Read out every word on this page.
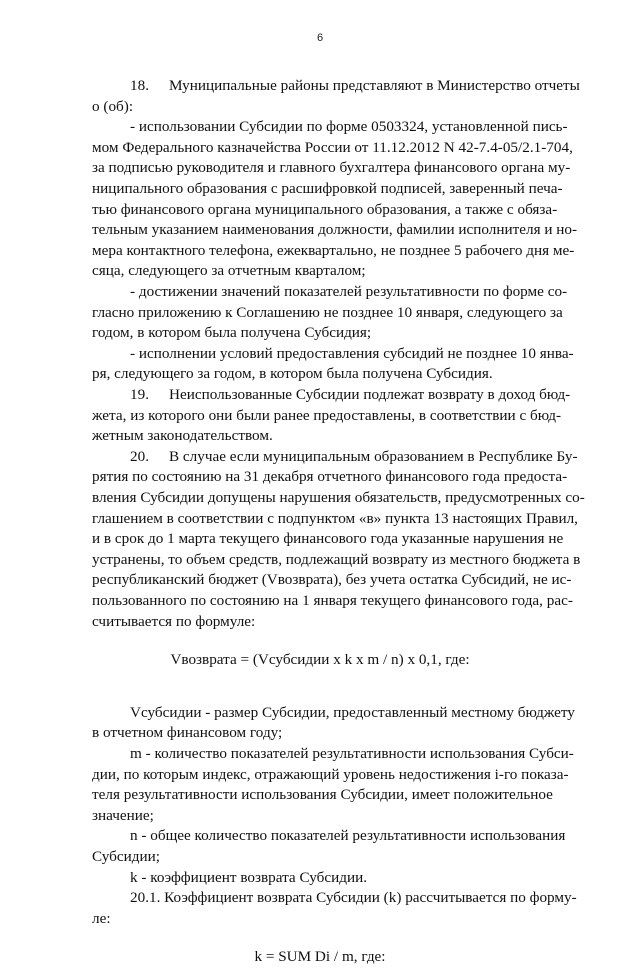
6
18. Муниципальные районы представляют в Министерство отчеты
о (об):
- использовании Субсидии по форме 0503324, установленной пись-
мом Федерального казначейства России от 11.12.2012 N 42-7.4-05/2.1-704,
за подписью руководителя и главного бухгалтера финансового органа му-
ниципального образования с расшифровкой подписей, заверенный печа-
тью финансового органа муниципального образования, а также с обяза-
тельным указанием наименования должности, фамилии исполнителя и но-
мера контактного телефона, ежеквартально, не позднее 5 рабочего дня ме-
сяца, следующего за отчетным кварталом;
- достижении значений показателей результативности по форме со-
гласно приложению к Соглашению не позднее 10 января, следующего за
годом, в котором была получена Субсидия;
- исполнении условий предоставления субсидий не позднее 10 янва-
ря, следующего за годом, в котором была получена Субсидия.
19. Неиспользованные Субсидии подлежат возврату в доход бюд-
жета, из которого они были ранее предоставлены, в соответствии с бюд-
жетным законодательством.
20. В случае если муниципальным образованием в Республике Бу-
рятия по состоянию на 31 декабря отчетного финансового года предоста-
вления Субсидии допущены нарушения обязательств, предусмотренных со-
глашением в соответствии с подпунктом «в» пункта 13 настоящих Правил,
и в срок до 1 марта текущего финансового года указанные нарушения не
устранены, то объем средств, подлежащий возврату из местного бюджета в
республиканский бюджет (Vвозврата), без учета остатка Субсидий, не ис-
пользованного по состоянию на 1 января текущего финансового года, рас-
считывается по формуле:
Vвозврата = (Vсубсидии x k x m / n) x 0,1, где:
Vсубсидии - размер Субсидии, предоставленный местному бюджету
в отчетном финансовом году;
m - количество показателей результативности использования Субси-
дии, по которым индекс, отражающий уровень недостижения i-го показа-
теля результативности использования Субсидии, имеет положительное
значение;
n - общее количество показателей результативности использования
Субсидии;
k - коэффициент возврата Субсидии.
20.1. Коэффициент возврата Субсидии (k) рассчитывается по форму-
ле:
k = SUM Di / m, где:
